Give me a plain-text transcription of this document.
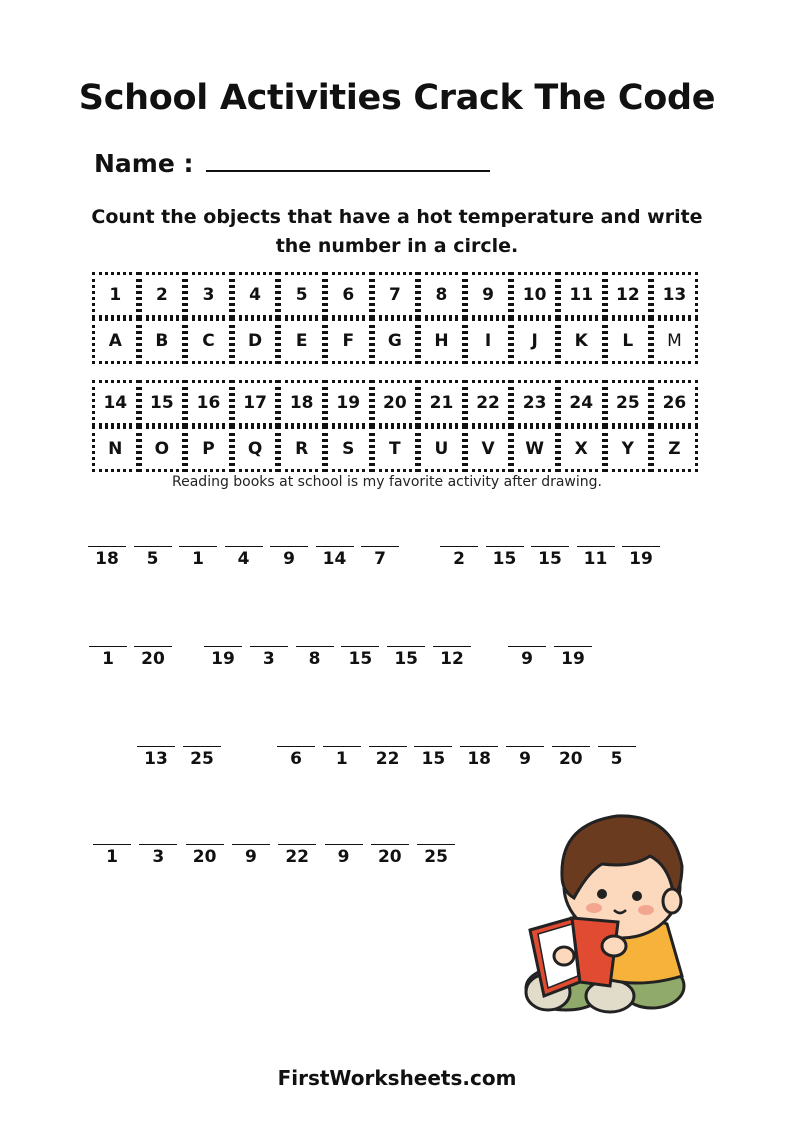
School Activities Crack The Code
Name :
Count the objects that have a hot temperature and write the number in a circle.
1	2	3	4	5	6	7	8	9	10	11	12	13
A	B	C	D	E	F	G	H	I	J	K	L	M
14	15	16	17	18	19	20	21	22	23	24	25	26
N	O	P	Q	R	S	T	U	V	W	X	Y	Z
Reading books at school is my favorite activity after drawing.
18	5	1	4	9	14	7	2	15	15	11	19
1	20	19	3	8	15	15	12	9	19
13	25	6	1	22	15	18	9	20	5
1	3	20	9	22	9	20	25
FirstWorksheets.com
